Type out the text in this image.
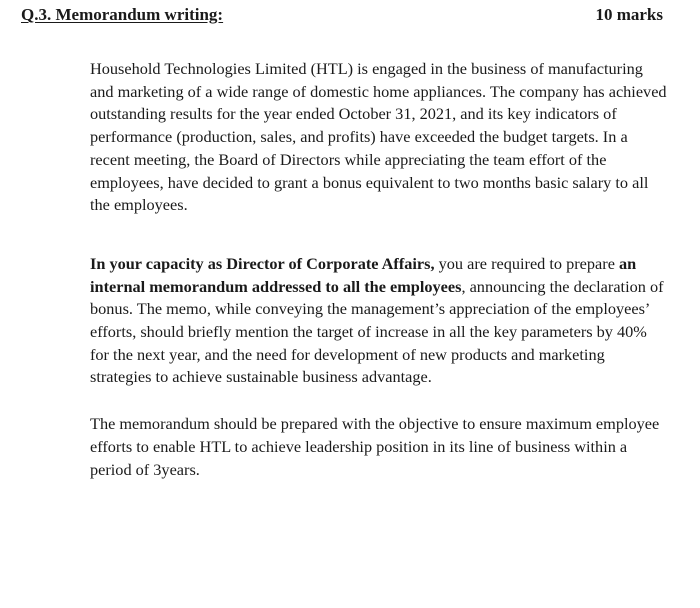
Q.3. Memorandum writing:	10 marks

Household Technologies Limited (HTL) is engaged in the business of manufacturing and marketing of a wide range of domestic home appliances. The company has achieved outstanding results for the year ended October 31, 2021, and its key indicators of performance (production, sales, and profits) have exceeded the budget targets. In a recent meeting, the Board of Directors while appreciating the team effort of the employees, have decided to grant a bonus equivalent to two months basic salary to all the employees.

In your capacity as Director of Corporate Affairs, you are required to prepare an internal memorandum addressed to all the employees, announcing the declaration of bonus. The memo, while conveying the management’s appreciation of the employees’ efforts, should briefly mention the target of increase in all the key parameters by 40% for the next year, and the need for development of new products and marketing strategies to achieve sustainable business advantage.

The memorandum should be prepared with the objective to ensure maximum employee efforts to enable HTL to achieve leadership position in its line of business within a period of 3years.
